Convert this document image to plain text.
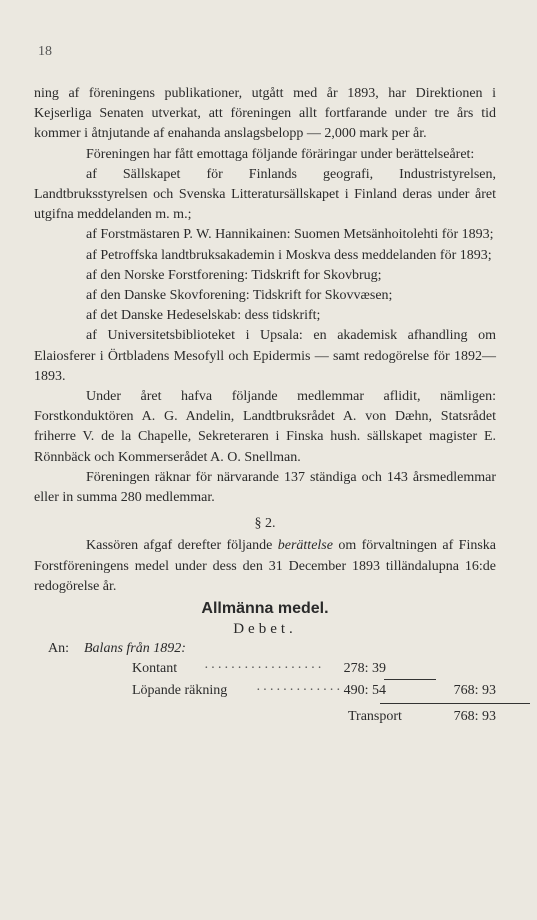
18

ning af föreningens publikationer, utgått med år 1893, har Direktionen i Kejserliga Senaten utverkat, att föreningen allt fortfarande under tre års tid kommer i åtnjutande af enahanda anslagsbelopp — 2,000 mark per år.

Föreningen har fått emottaga följande föräringar under berättelseåret:

af Sällskapet för Finlands geografi, Industristyrelsen, Landtbruksstyrelsen och Svenska Litteratursällskapet i Finland deras under året utgifna meddelanden m. m.;

af Forstmästaren P. W. Hannikainen: Suomen Metsänhoitolehti för 1893;

af Petroffska landtbruksakademin i Moskva dess meddelanden för 1893;

af den Norske Forstforening: Tidskrift for Skovbrug;

af den Danske Skovforening: Tidskrift for Skovvæsen;

af det Danske Hedeselskab: dess tidskrift;

af Universitetsbiblioteket i Upsala: en akademisk afhandling om Elaiosferer i Örtbladens Mesofyll och Epidermis — samt redogörelse för 1892—1893.

Under året hafva följande medlemmar aflidit, nämligen: Forstkonduktören A. G. Andelin, Landtbruksrådet A. von Dæhn, Statsrådet friherre V. de la Chapelle, Sekreteraren i Finska hush. sällskapet magister E. Rönnbäck och Kommerserådet A. O. Snellman.

Föreningen räknar för närvarande 137 ständiga och 143 årsmedlemmar eller in summa 280 medlemmar.

§ 2.

Kassören afgaf derefter följande berättelse om förvaltningen af Finska Forstföreningens medel under dess den 31 December 1893 tilländalupna 16:de redogörelse år.

Allmänna medel.

Debet.

An: Balans från 1892:
Kontant ··················	278: 39
Löpande räkning ············· 490: 54	768: 93
Transport	768: 93
